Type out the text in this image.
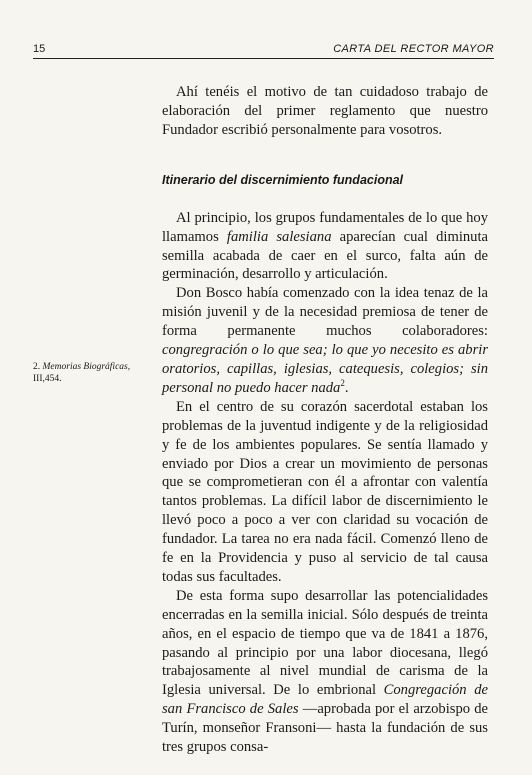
15	CARTA DEL RECTOR MAYOR

Ahí tenéis el motivo de tan cuidadoso trabajo de elaboración del primer reglamento que nuestro Fundador escribió personalmente para vosotros.

Itinerario del discernimiento fundacional

Al principio, los grupos fundamentales de lo que hoy llamamos familia salesiana aparecían cual diminuta semilla acabada de caer en el surco, falta aún de germinación, desarrollo y articulación.

Don Bosco había comenzado con la idea tenaz de la misión juvenil y de la necesidad premiosa de tener de forma permanente muchos colaboradores: congregración o lo que sea; lo que yo necesito es abrir oratorios, capillas, iglesias, catequesis, colegios; sin personal no puedo hacer nada$^2$.

En el centro de su corazón sacerdotal estaban los problemas de la juventud indigente y de la religiosidad y fe de los ambientes populares. Se sentía llamado y enviado por Dios a crear un movimiento de personas que se comprometieran con él a afrontar con valentía tantos problemas. La difícil labor de discernimiento le llevó poco a poco a ver con claridad su vocación de fundador. La tarea no era nada fácil. Comenzó lleno de fe en la Providencia y puso al servicio de tal causa todas sus facultades.

De esta forma supo desarrollar las potencialidades encerradas en la semilla inicial. Sólo después de treinta años, en el espacio de tiempo que va de 1841 a 1876, pasando al principio por una labor diocesana, llegó trabajosamente al nivel mundial de carisma de la Iglesia universal. De lo embrional Congregación de san Francisco de Sales —aprobada por el arzobispo de Turín, monseñor Fransoni— hasta la fundación de sus tres grupos consa-

2. Memorias Biográficas,
III,454.
